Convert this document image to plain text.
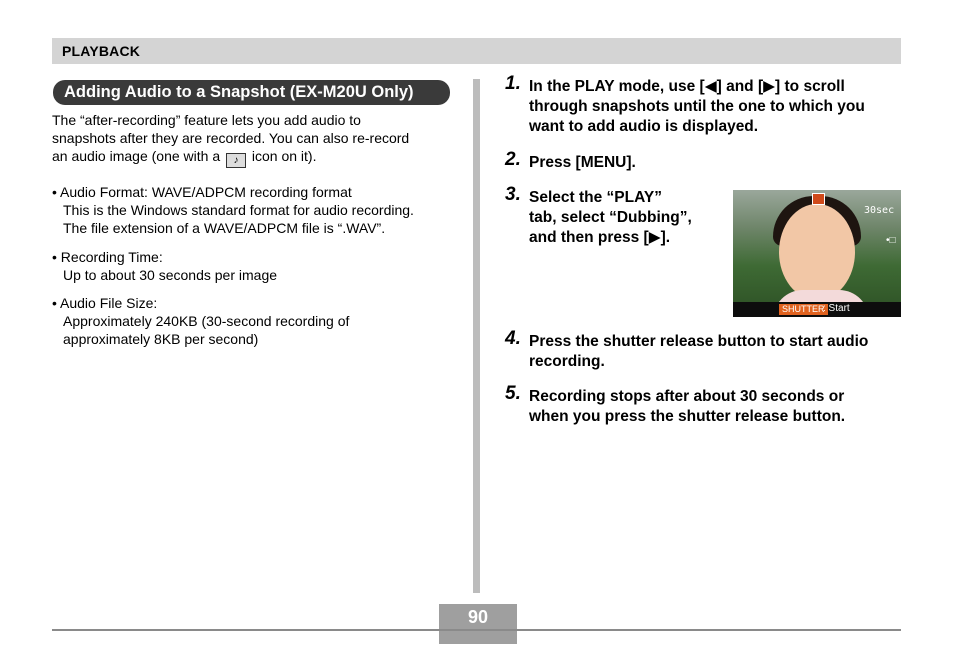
PLAYBACK
Adding Audio to a Snapshot (EX-M20U Only)
The “after-recording” feature lets you add audio to
snapshots after they are recorded. You can also re-record
an audio image (one with a ♪ icon on it).
• Audio Format: WAVE/ADPCM recording format
This is the Windows standard format for audio recording.
The file extension of a WAVE/ADPCM file is “.WAV”.
• Recording Time:
Up to about 30 seconds per image
• Audio File Size:
Approximately 240KB (30-second recording of
approximately 8KB per second)
1. In the PLAY mode, use [◀] and [▶] to scroll
through snapshots until the one to which you
want to add audio is displayed.
2. Press [MENU].
3. Select the “PLAY”
tab, select “Dubbing”,
and then press [▶].
30sec
•□
SHUTTER
: Start
4. Press the shutter release button to start audio
recording.
5. Recording stops after about 30 seconds or
when you press the shutter release button.
90
